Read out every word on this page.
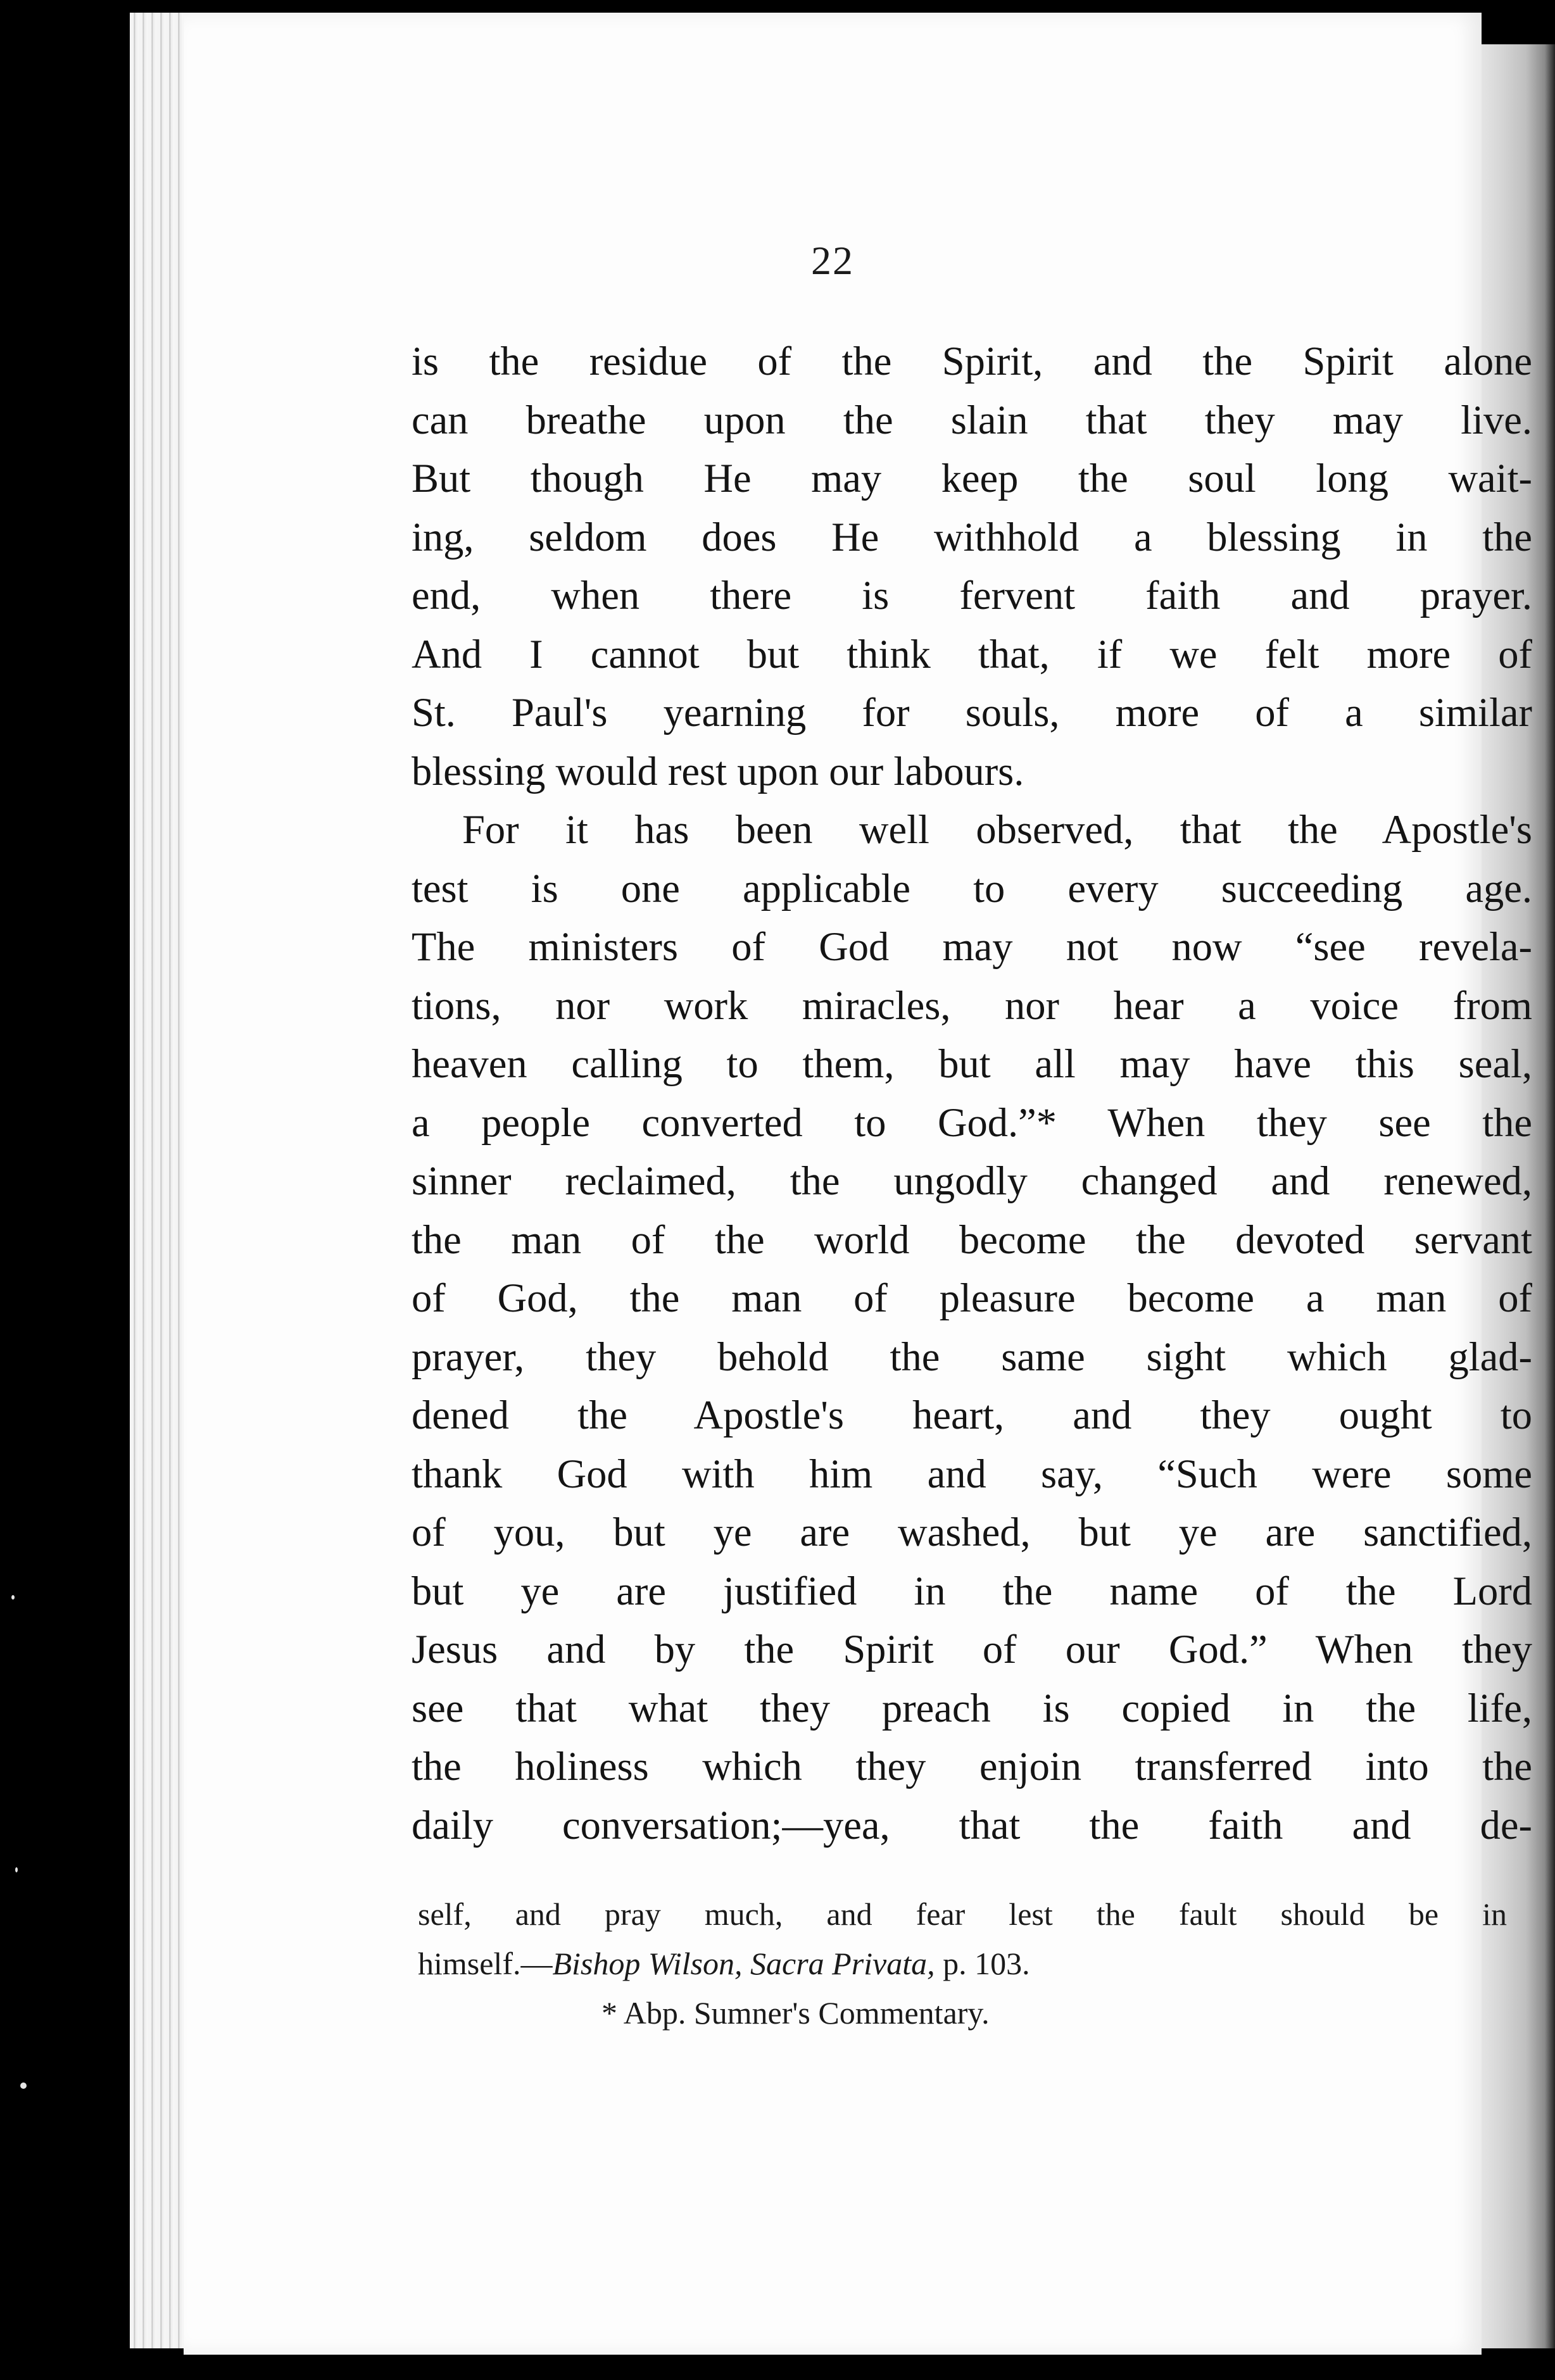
22
is the residue of the Spirit, and the Spirit alone
can breathe upon the slain that they may live.
But though He may keep the soul long wait-
ing, seldom does He withhold a blessing in the
end, when there is fervent faith and prayer.
And I cannot but think that, if we felt more of
St. Paul's yearning for souls, more of a similar
blessing would rest upon our labours.
For it has been well observed, that the Apostle's
test is one applicable to every succeeding age.
The ministers of God may not now “see revela-
tions, nor work miracles, nor hear a voice from
heaven calling to them, but all may have this seal,
a people converted to God.”* When they see the
sinner reclaimed, the ungodly changed and renewed,
the man of the world become the devoted servant
of God, the man of pleasure become a man of
prayer, they behold the same sight which glad-
dened the Apostle's heart, and they ought to
thank God with him and say, “Such were some
of you, but ye are washed, but ye are sanctified,
but ye are justified in the name of the Lord
Jesus and by the Spirit of our God.” When they
see that what they preach is copied in the life,
the holiness which they enjoin transferred into the
daily conversation;—yea, that the faith and de-
self, and pray much, and fear lest the fault should be in
himself.—Bishop Wilson, Sacra Privata, p. 103.
* Abp. Sumner's Commentary.
